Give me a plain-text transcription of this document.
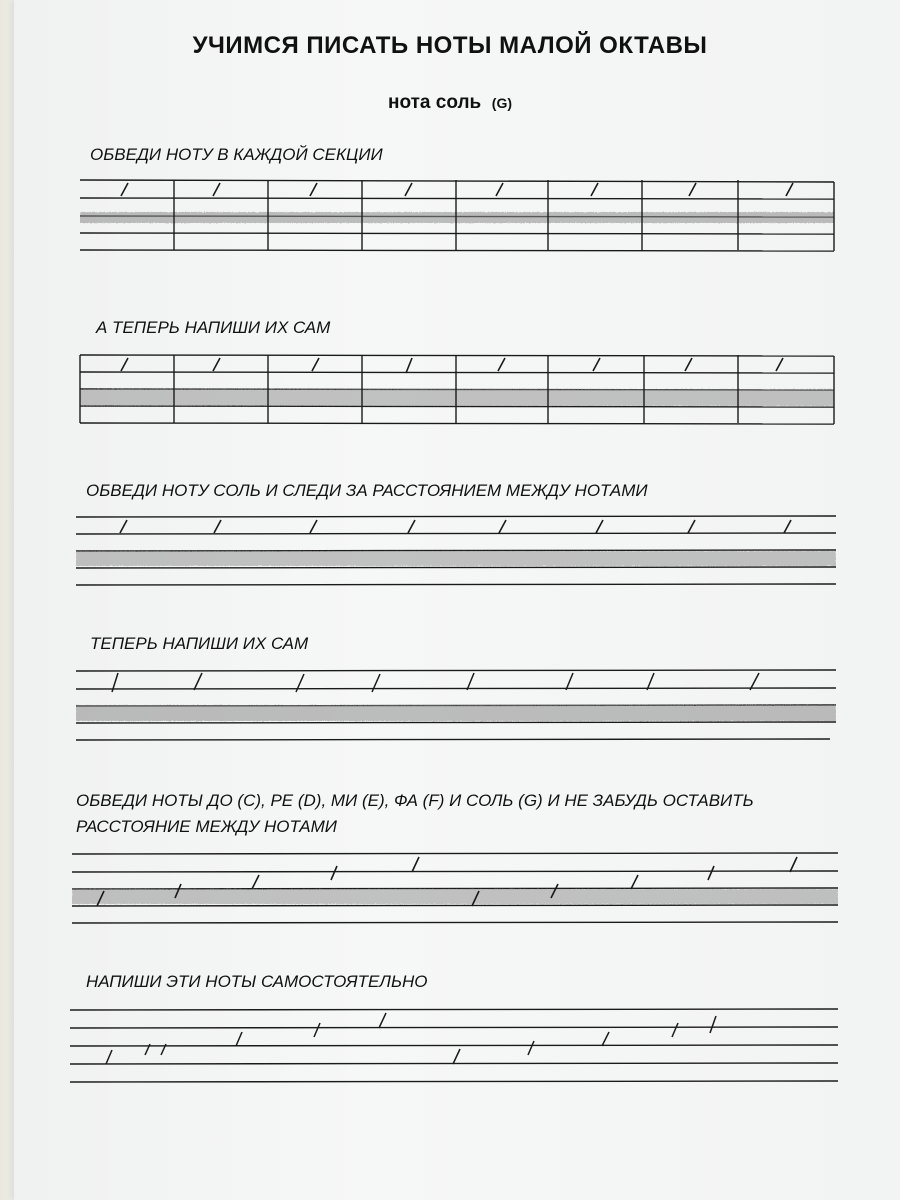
УЧИМСЯ ПИСАТЬ НОТЫ МАЛОЙ ОКТАВЫ
нота соль (G)
ОБВЕДИ НОТУ В КАЖДОЙ СЕКЦИИ
А ТЕПЕРЬ НАПИШИ ИХ САМ
ОБВЕДИ НОТУ СОЛЬ И СЛЕДИ ЗА РАССТОЯНИЕМ МЕЖДУ НОТАМИ
ТЕПЕРЬ НАПИШИ ИХ САМ
ОБВЕДИ НОТЫ ДО (C), РЕ (D), МИ (E), ФА (F) И СОЛЬ (G) И НЕ ЗАБУДЬ ОСТАВИТЬ
РАССТОЯНИЕ МЕЖДУ НОТАМИ
НАПИШИ ЭТИ НОТЫ САМОСТОЯТЕЛЬНО
